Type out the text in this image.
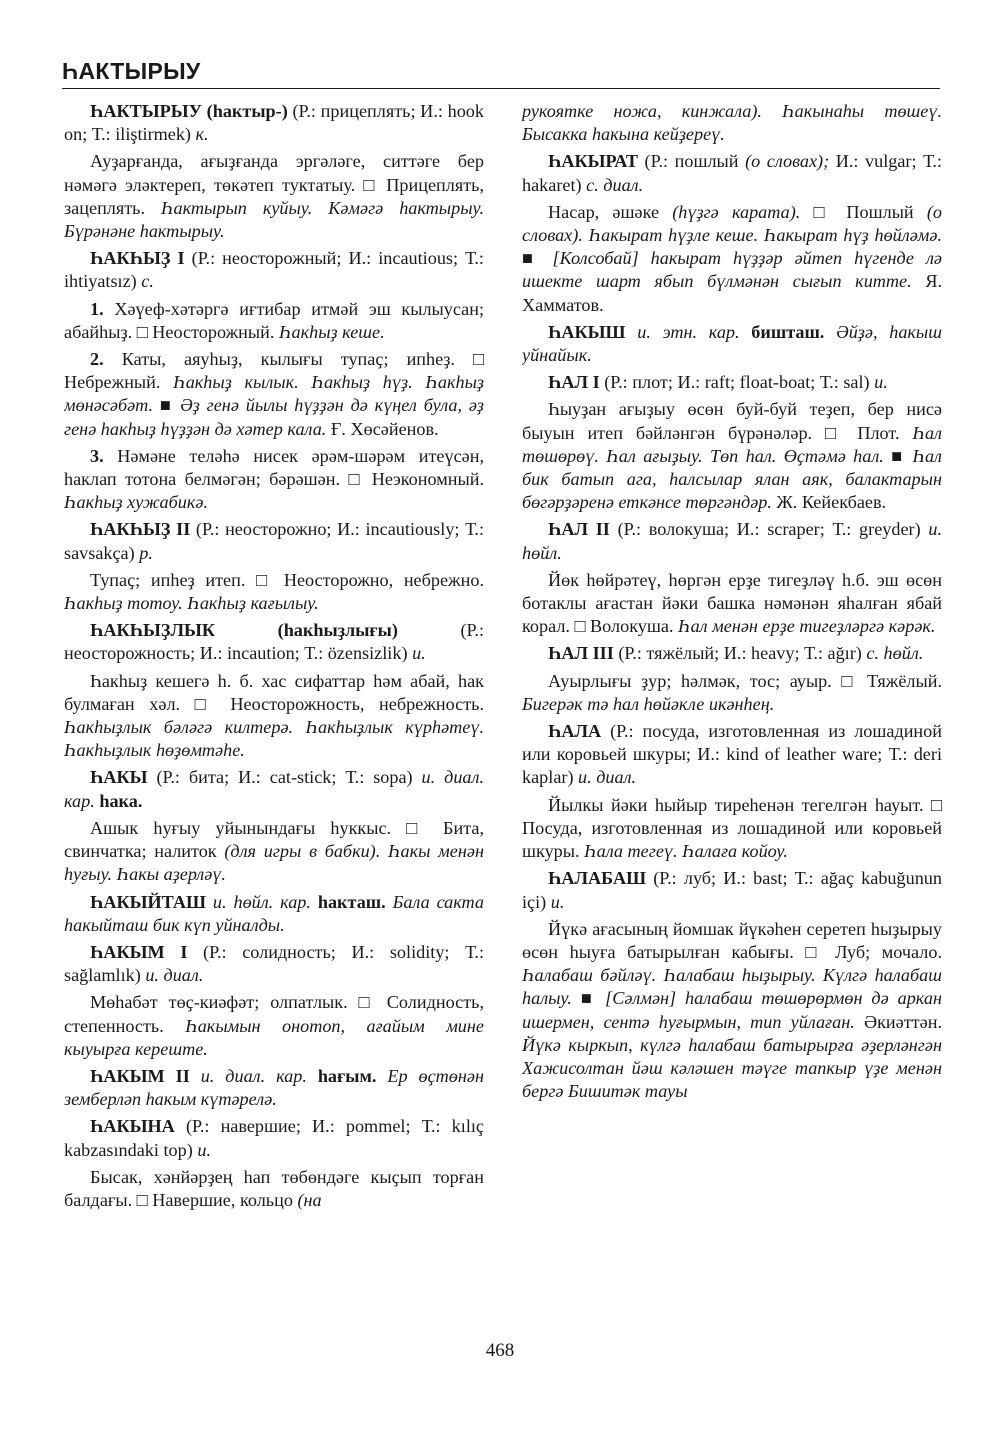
ҺАКТЫРЫУ

ҺАКТЫРЫУ (hактыр-) (Р.: прицеплять; И.: hook on; Т.: iliştirmek) к.

Ауҙарғанда, ағыҙғанда эргәләге, ситтәге бер нәмәгә эләктереп, төкәтеп туктатыу. □ Прицеплять, зацеплять. Һактырып куйыу. Кәмәгә һактырыу. Бүрәнәне һактырыу.

ҺАКҺЫҘ I (Р.: неосторожный; И.: incautious; Т.: ihtiyatsız) с.

1. Хәүеф-хәтәргә иғтибар итмәй эш кылыусан; абайһыҙ. □ Неосторожный. Һакһыҙ кеше.

2. Каты, аяуһыҙ, кылығы тупаҫ; ипһеҙ. □ Небрежный. Һакһыҙ кылык. Һакһыҙ һүҙ. Һакһыҙ мөнәсәбәт. ■ Әҙ генә йылы һүҙҙән дә күңел була, әҙ генә һакһыҙ һүҙҙән дә хәтер кала. Ғ. Хөсәйенов.

3. Нәмәне теләһә нисек әрәм-шәрәм итеүсән, һаклап тотона белмәгән; бәрәшән. □ Неэкономный. Һакһыҙ хужабикә.

ҺАКҺЫҘ II (Р.: неосторожно; И.: incautiously; Т.: savsakça) р.

Тупаҫ; ипһеҙ итеп. □ Неосторожно, небрежно. Һакһыҙ тотоу. Һакһыҙ кағылыу.

ҺАКҺЫҘЛЫК (hакhыҙлығы) (Р.: неосторожность; И.: incaution; Т.: özensizlik) и.

Һакһыҙ кешегә һ. б. хас сифаттар һәм абай, һак булмаған хәл. □ Неосторожность, небрежность. Һакһыҙлык бәләгә килтерә. Һакһыҙлык күрһәтеү. Һакһыҙлык һөҙөмтәһе.

ҺАКЫ (Р.: бита; И.: cat-stick; Т.: sopa) и. диал. кар. һака.

Ашык һуғыу уйынындағы һуккыс. □ Бита, свинчатка; налиток (для игры в бабки). Һакы менән һуғыу. Һакы аҙерләү.

ҺАКЫЙТАШ и. һөйл. кар. һакташ. Бала сакта һакыйташ бик күп уйналды.

ҺАКЫМ I (Р.: солидность; И.: solidity; Т.: sağlamlık) и. диал.

Мөһабәт төҫ-киәфәт; олпатлык. □ Солидность, степенность. Һакымын онотоп, ағайым мине кыуырға кереште.

ҺАКЫМ II и. диал. кар. һағым. Ер өҫтөнән земберләп һакым күтәрелә.

ҺАКЫНА (Р.: навершие; И.: pommel; Т.: kılıç kabzasındaki top) и.

Бысак, хәнйәрҙең һап төбөндәге кыҫып торған балдағы. □ Навершие, кольцо (на

рукоятке ножа, кинжала). Һакынаһы төшеү. Бысакка һакына кейҙереү.

ҺАКЫРАТ (Р.: пошлый (о словах); И.: vulgar; Т.: hakaret) с. диал.

Насар, әшәке (һүҙгә карата). □ Пошлый (о словах). Һакырат һүҙле кеше. Һакырат һүҙ һөйләмә. ■ [Колсобай] һакырат һүҙҙәр әйтеп һүгенде лә ишекте шарт ябып бүлмәнән сығып китте. Я. Хамматов.

ҺАКЫШ и. этн. кар. бишташ. Әйҙә, һакыш уйнайык.

ҺАЛ I (Р.: плот; И.: raft; float-boat; Т.: sal) и.

Һыуҙан ағыҙыу өсөн буй-буй теҙеп, бер нисә быуын итеп бәйләнгән бүрәнәләр. □ Плот. Һал төшөрөү. Һал ағыҙыу. Төп һал. Өҫтәмә һал. ■ Һал бик батып ага, һалсылар ялан аяк, балактарын бөгәрҙәренә еткәнсе төргәндәр. Ж. Кейекбаев.

ҺАЛ II (Р.: волокуша; И.: scraper; Т.: greyder) и. һөйл.

Йөк һөйрәтеү, һөргән ерҙе тигеҙләү һ.б. эш өсөн ботаклы ағастан йәки башка нәмәнән яһалған ябай корал. □ Волокуша. Һал менән ерҙе тигеҙләргә кәрәк.

ҺАЛ III (Р.: тяжёлый; И.: heavy; Т.: ağır) с. һөйл.

Ауырлығы ҙур; һәлмәк, тос; ауыр. □ Тяжёлый. Бигерәк тә һал һөйәкле икәнһең.

ҺАЛА (Р.: посуда, изготовленная из лошадиной или коровьей шкуры; И.: kind of leather ware; Т.: deri kaplar) и. диал.

Йылкы йәки һыйыр тиреһенән тегелгән һауыт. □ Посуда, изготовленная из лошадиной или коровьей шкуры. Һала тегеү. Һалаға койоу.

ҺАЛАБАШ (Р.: луб; И.: bast; Т.: ağaç kabuğunun içi) и.

Йүкә ағасының йомшак йүкәһен серетеп һыҙырыу өсөн һыуға батырылған кабығы. □ Луб; мочало. Һалабаш бәйләү. Һалабаш һыҙырыу. Күлгә һалабаш һалыу. ■ [Сәлмән] һалабаш төшөрөрмөн дә аркан ишермен, сентә һуғырмын, тип уйлаған. Әкиәттән. Йүкә кыркып, күлгә һалабаш батырырға әҙерләнгән Хажисолтан йәш кәләшен тәүге тапкыр үҙе менән бергә Бишитәк тауы

468
